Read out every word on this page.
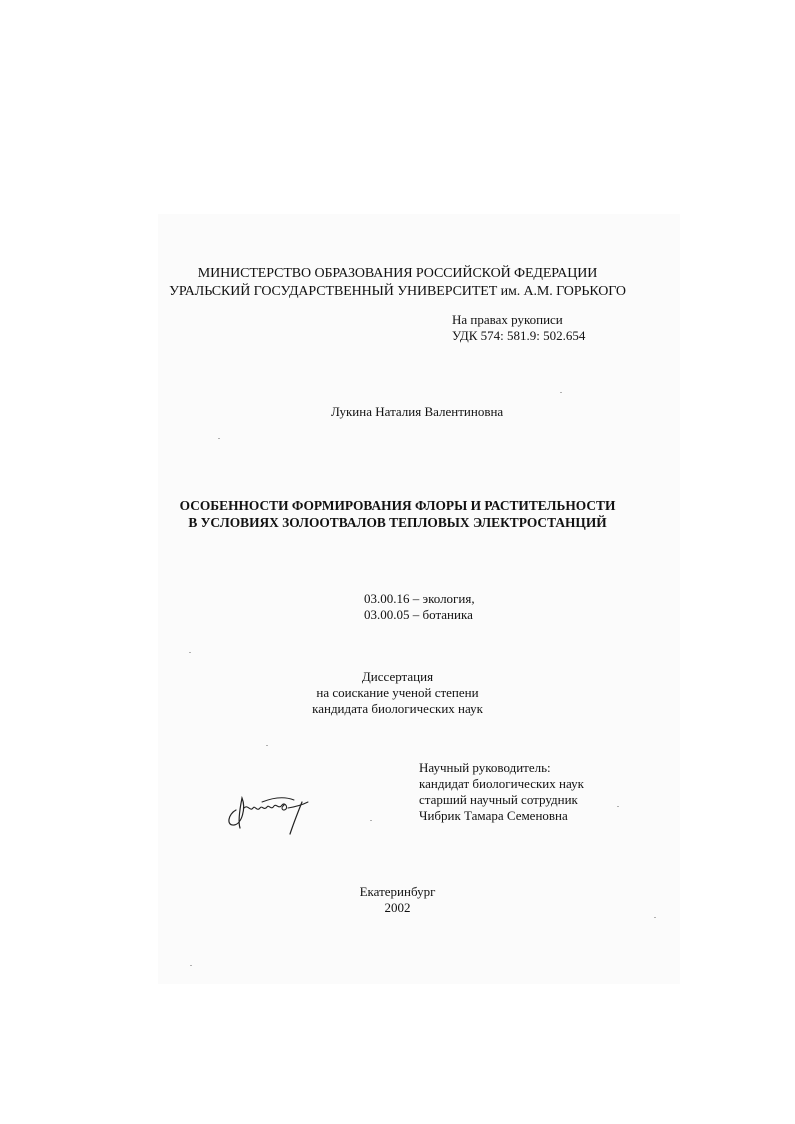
МИНИСТЕРСТВО ОБРАЗОВАНИЯ РОССИЙСКОЙ ФЕДЕРАЦИИ
УРАЛЬСКИЙ ГОСУДАРСТВЕННЫЙ УНИВЕРСИТЕТ им. А.М. ГОРЬКОГО
На правах рукописи
УДК 574: 581.9: 502.654
Лукина Наталия Валентиновна
ОСОБЕННОСТИ ФОРМИРОВАНИЯ ФЛОРЫ И РАСТИТЕЛЬНОСТИ
В УСЛОВИЯХ ЗОЛООТВАЛОВ ТЕПЛОВЫХ ЭЛЕКТРОСТАНЦИЙ
03.00.16 – экология,
03.00.05 – ботаника
Диссертация
на соискание ученой степени
кандидата биологических наук
Научный руководитель:
кандидат биологических наук
старший научный сотрудник
Чибрик Тамара Семеновна
Екатеринбург
2002
